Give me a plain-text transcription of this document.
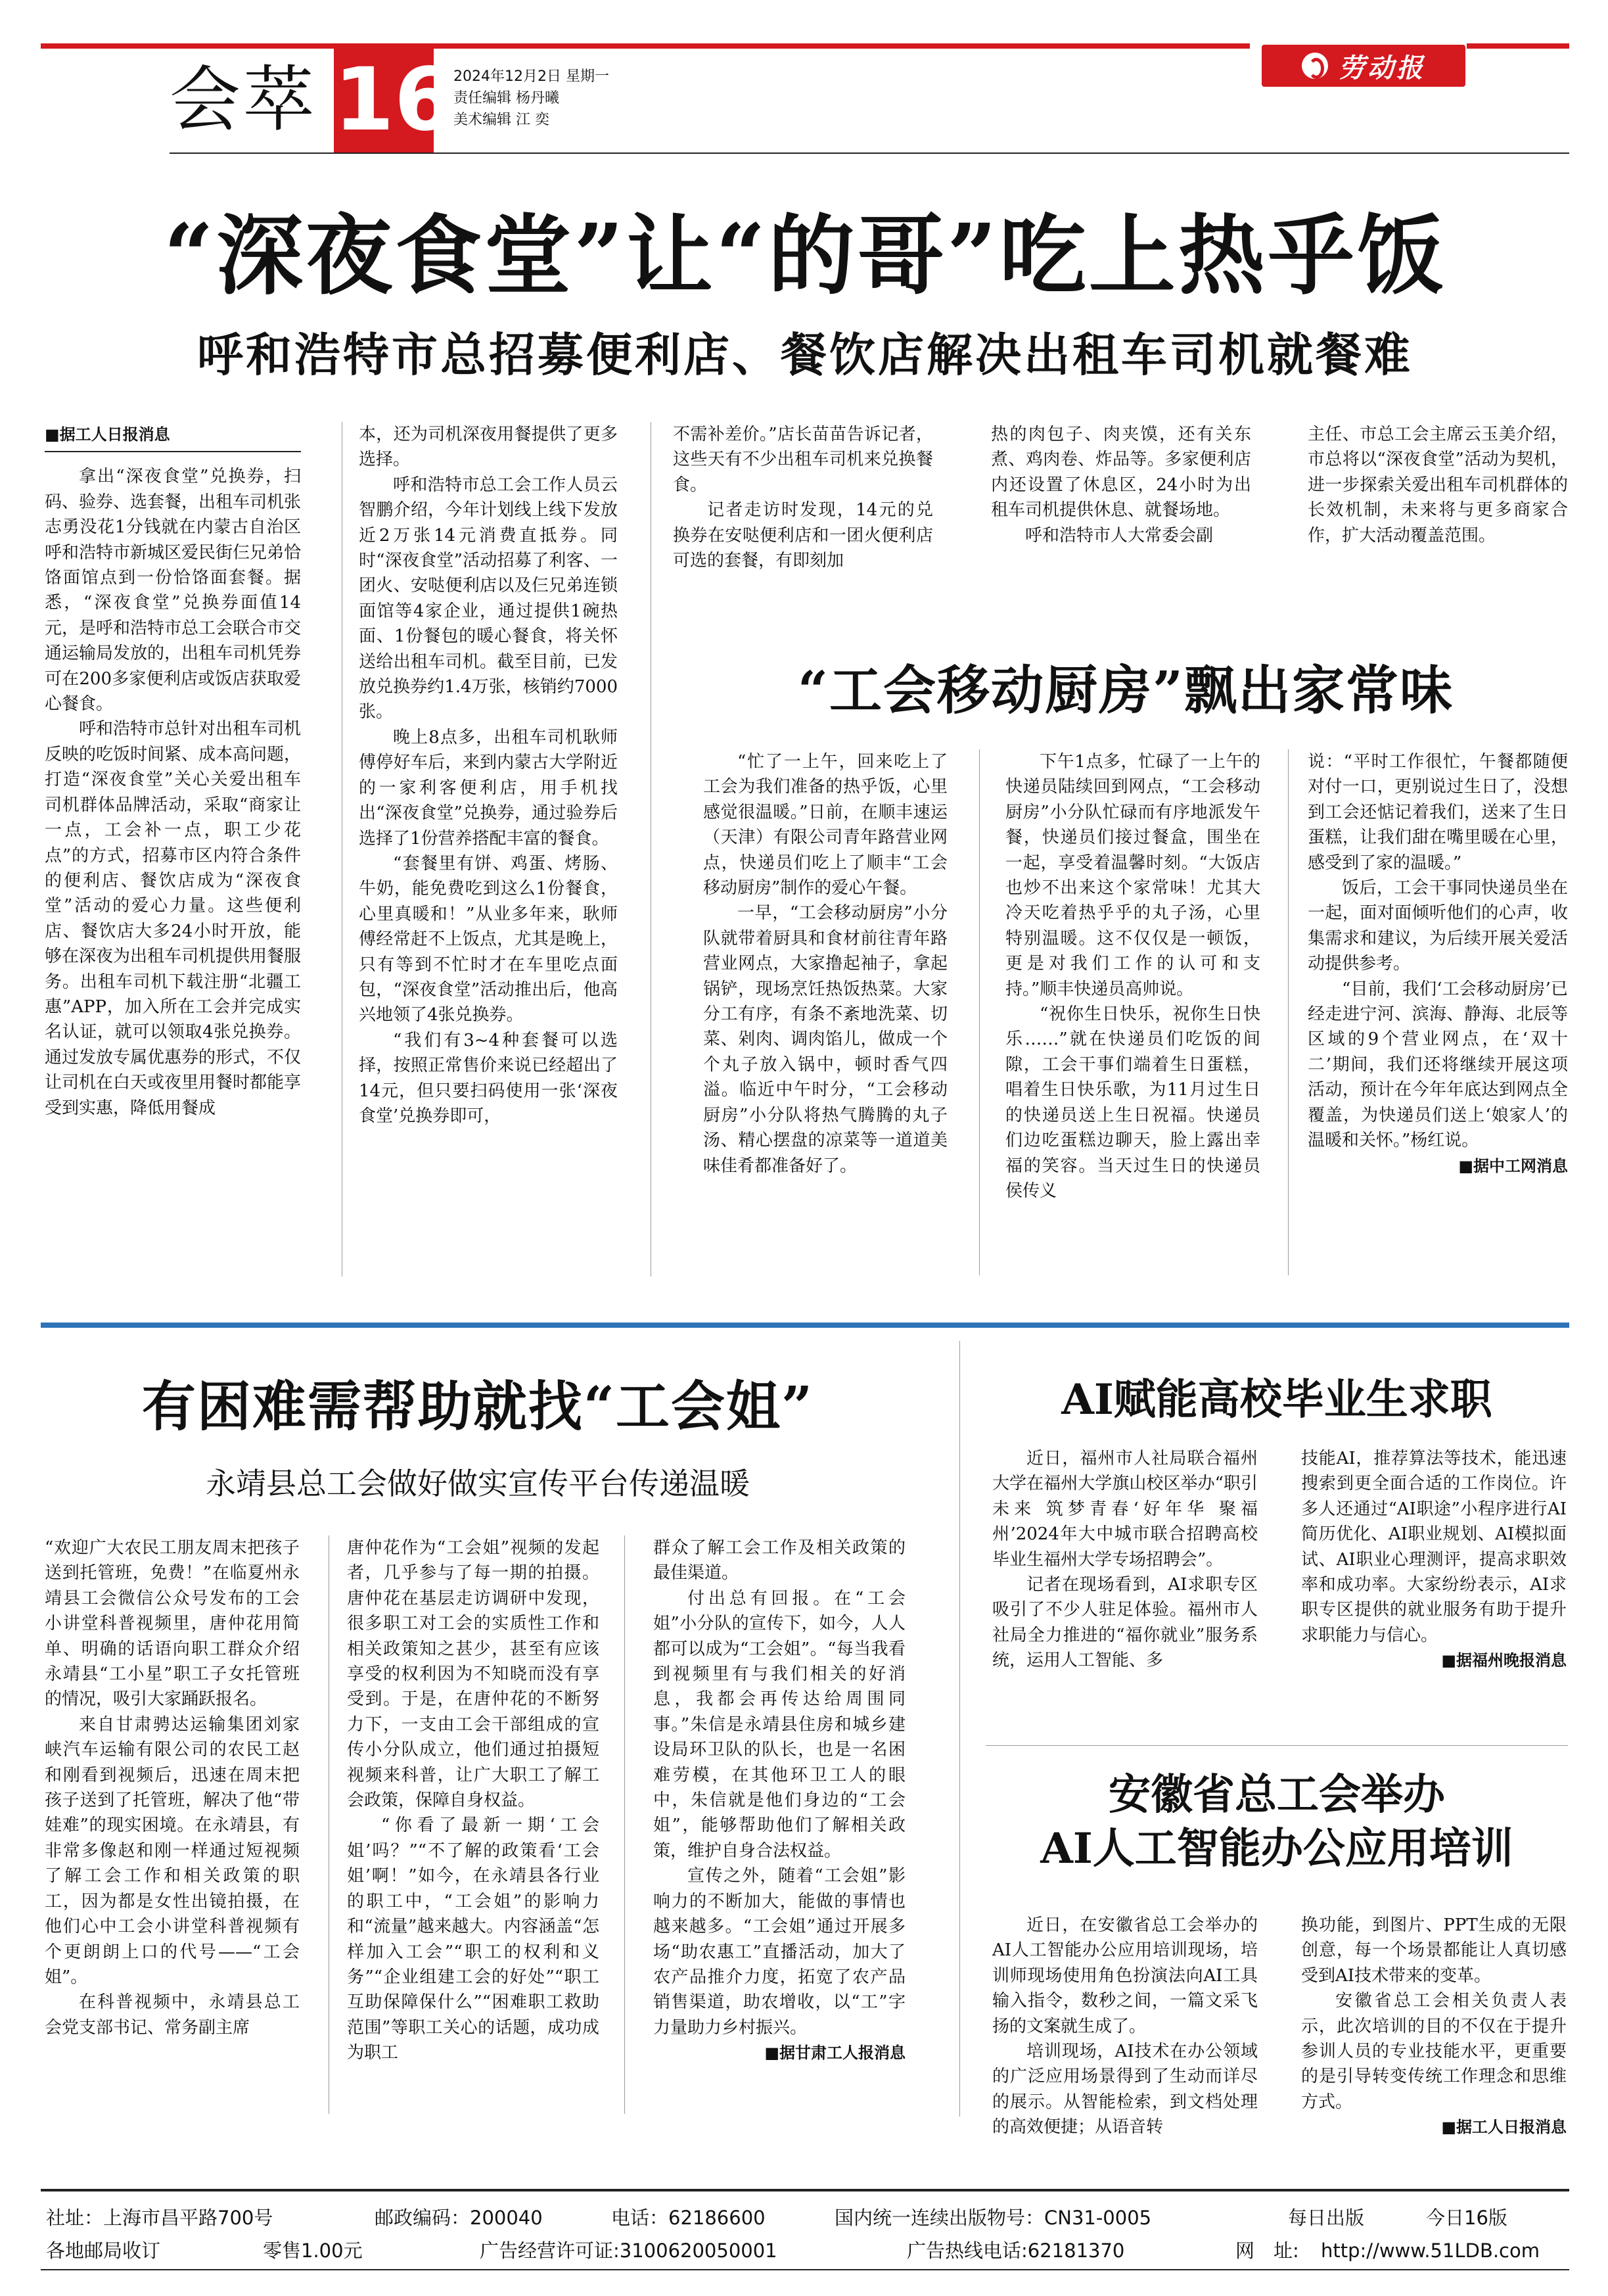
会萃 16
2024年12月2日 星期一
责任编辑 杨丹曦
美术编辑 江 奕
劳动报
“深夜食堂”让“的哥”吃上热乎饭
呼和浩特市总招募便利店、餐饮店解决出租车司机就餐难

■据工人日报消息

拿出“深夜食堂”兑换券，扫码、验券、选套餐，出租车司机张志勇没花1分钱就在内蒙古自治区呼和浩特市新城区爱民街仨兄弟恰饹面馆点到一份恰饹面套餐。据悉，“深夜食堂”兑换券面值14元，是呼和浩特市总工会联合市交通运输局发放的，出租车司机凭券可在200多家便利店或饭店获取爱心餐食。

呼和浩特市总针对出租车司机反映的吃饭时间紧、成本高问题，打造“深夜食堂”关心关爱出租车司机群体品牌活动，采取“商家让一点，工会补一点，职工少花点”的方式，招募市区内符合条件的便利店、餐饮店成为“深夜食堂”活动的爱心力量。这些便利店、餐饮店大多24小时开放，能够在深夜为出租车司机提供用餐服务。出租车司机下载注册“北疆工惠”APP，加入所在工会并完成实名认证，就可以领取4张兑换券。通过发放专属优惠券的形式，不仅让司机在白天或夜里用餐时都能享受到实惠，降低用餐成

本，还为司机深夜用餐提供了更多选择。

呼和浩特市总工会工作人员云智鹏介绍，今年计划线上线下发放近2万张14元消费直抵券。同时“深夜食堂”活动招募了利客、一团火、安哒便利店以及仨兄弟连锁面馆等4家企业，通过提供1碗热面、1份餐包的暖心餐食，将关怀送给出租车司机。截至目前，已发放兑换券约1.4万张，核销约7000张。

晚上8点多，出租车司机耿师傅停好车后，来到内蒙古大学附近的一家利客便利店，用手机找出“深夜食堂”兑换券，通过验券后选择了1份营养搭配丰富的餐食。

“套餐里有饼、鸡蛋、烤肠、牛奶，能免费吃到这么1份餐食，心里真暖和！”从业多年来，耿师傅经常赶不上饭点，尤其是晚上，只有等到不忙时才在车里吃点面包，“深夜食堂”活动推出后，他高兴地领了4张兑换券。

“我们有3~4种套餐可以选择，按照正常售价来说已经超出了14元，但只要扫码使用一张‘深夜食堂’兑换券即可，

不需补差价。”店长苗苗告诉记者，这些天有不少出租车司机来兑换餐食。

记者走访时发现，14元的兑换券在安哒便利店和一团火便利店可选的套餐，有即刻加

热的肉包子、肉夹馍，还有关东煮、鸡肉卷、炸品等。多家便利店内还设置了休息区，24小时为出租车司机提供休息、就餐场地。

呼和浩特市人大常委会副

主任、市总工会主席云玉美介绍，市总将以“深夜食堂”活动为契机，进一步探索关爱出租车司机群体的长效机制，未来将与更多商家合作，扩大活动覆盖范围。

“工会移动厨房”飘出家常味

“忙了一上午，回来吃上了工会为我们准备的热乎饭，心里感觉很温暖。”日前，在顺丰速运（天津）有限公司青年路营业网点，快递员们吃上了顺丰“工会移动厨房”制作的爱心午餐。

一早，“工会移动厨房”小分队就带着厨具和食材前往青年路营业网点，大家撸起袖子，拿起锅铲，现场烹饪热饭热菜。大家分工有序，有条不紊地洗菜、切菜、剁肉、调肉馅儿，做成一个个丸子放入锅中，顿时香气四溢。临近中午时分，“工会移动厨房”小分队将热气腾腾的丸子汤、精心摆盘的凉菜等一道道美味佳肴都准备好了。

下午1点多，忙碌了一上午的快递员陆续回到网点，“工会移动厨房”小分队忙碌而有序地派发午餐，快递员们接过餐盒，围坐在一起，享受着温馨时刻。“大饭店也炒不出来这个家常味！尤其大冷天吃着热乎乎的丸子汤，心里特别温暖。这不仅仅是一顿饭，更是对我们工作的认可和支持。”顺丰快递员高帅说。

“祝你生日快乐，祝你生日快乐……”就在快递员们吃饭的间隙，工会干事们端着生日蛋糕，唱着生日快乐歌，为11月过生日的快递员送上生日祝福。快递员们边吃蛋糕边聊天，脸上露出幸福的笑容。当天过生日的快递员侯传义

说：“平时工作很忙，午餐都随便对付一口，更别说过生日了，没想到工会还惦记着我们，送来了生日蛋糕，让我们甜在嘴里暖在心里，感受到了家的温暖。”

饭后，工会干事同快递员坐在一起，面对面倾听他们的心声，收集需求和建议，为后续开展关爱活动提供参考。

“目前，我们‘工会移动厨房’已经走进宁河、滨海、静海、北辰等区域的9个营业网点，在‘双十二’期间，我们还将继续开展这项活动，预计在今年年底达到网点全覆盖，为快递员们送上‘娘家人’的温暖和关怀。”杨红说。

■据中工网消息
有困难需帮助就找“工会姐”
永靖县总工会做好做实宣传平台传递温暖

“欢迎广大农民工朋友周末把孩子送到托管班，免费！”在临夏州永靖县工会微信公众号发布的工会小讲堂科普视频里，唐仲花用简单、明确的话语向职工群众介绍永靖县“工小星”职工子女托管班的情况，吸引大家踊跃报名。

来自甘肃骋达运输集团刘家峡汽车运输有限公司的农民工赵和刚看到视频后，迅速在周末把孩子送到了托管班，解决了他“带娃难”的现实困境。在永靖县，有非常多像赵和刚一样通过短视频了解工会工作和相关政策的职工，因为都是女性出镜拍摄，在他们心中工会小讲堂科普视频有个更朗朗上口的代号——“工会姐”。

在科普视频中，永靖县总工会党支部书记、常务副主席

唐仲花作为“工会姐”视频的发起者，几乎参与了每一期的拍摄。唐仲花在基层走访调研中发现，很多职工对工会的实质性工作和相关政策知之甚少，甚至有应该享受的权利因为不知晓而没有享受到。于是，在唐仲花的不断努力下，一支由工会干部组成的宣传小分队成立，他们通过拍摄短视频来科普，让广大职工了解工会政策，保障自身权益。

“你看了最新一期‘工会姐’吗？”“不了解的政策看‘工会姐’啊！”如今，在永靖县各行业的职工中，“工会姐”的影响力和“流量”越来越大。内容涵盖“怎样加入工会”“职工的权利和义务”“企业组建工会的好处”“职工互助保障保什么”“困难职工救助范围”等职工关心的话题，成功成为职工

群众了解工会工作及相关政策的最佳渠道。

付出总有回报。在“工会姐”小分队的宣传下，如今，人人都可以成为“工会姐”。“每当我看到视频里有与我们相关的好消息，我都会再传达给周围同事。”朱信是永靖县住房和城乡建设局环卫队的队长，也是一名困难劳模，在其他环卫工人的眼中，朱信就是他们身边的“工会姐”，能够帮助他们了解相关政策，维护自身合法权益。

宣传之外，随着“工会姐”影响力的不断加大，能做的事情也越来越多。“工会姐”通过开展多场“助农惠工”直播活动，加大了农产品推介力度，拓宽了农产品销售渠道，助农增收，以“工”字力量助力乡村振兴。

■据甘肃工人报消息
AI赋能高校毕业生求职

近日，福州市人社局联合福州大学在福州大学旗山校区举办“职引未来 筑梦青春‘好年华 聚福州’2024年大中城市联合招聘高校毕业生福州大学专场招聘会”。

记者在现场看到，AI求职专区吸引了不少人驻足体验。福州市人社局全力推进的“福你就业”服务系统，运用人工智能、多

技能AI，推荐算法等技术，能迅速搜索到更全面合适的工作岗位。许多人还通过“AI职途”小程序进行AI简历优化、AI职业规划、AI模拟面试、AI职业心理测评，提高求职效率和成功率。大家纷纷表示，AI求职专区提供的就业服务有助于提升求职能力与信心。

■据福州晚报消息
安徽省总工会举办
AI人工智能办公应用培训

近日，在安徽省总工会举办的AI人工智能办公应用培训现场，培训师现场使用角色扮演法向AI工具输入指令，数秒之间，一篇文采飞扬的文案就生成了。

培训现场，AI技术在办公领域的广泛应用场景得到了生动而详尽的展示。从智能检索，到文档处理的高效便捷；从语音转

换功能，到图片、PPT生成的无限创意，每一个场景都能让人真切感受到AI技术带来的变革。

安徽省总工会相关负责人表示，此次培训的目的不仅在于提升参训人员的专业技能水平，更重要的是引导转变传统工作理念和思维方式。

■据工人日报消息
社址：上海市昌平路700号	邮政编码：200040	电话：62186600	国内统一连续出版物号：CN31-0005	每日出版	今日16版
各地邮局收订	零售1.00元	广告经营许可证:3100620050001	广告热线电话:62181370	网　址: http://www.51LDB.com
